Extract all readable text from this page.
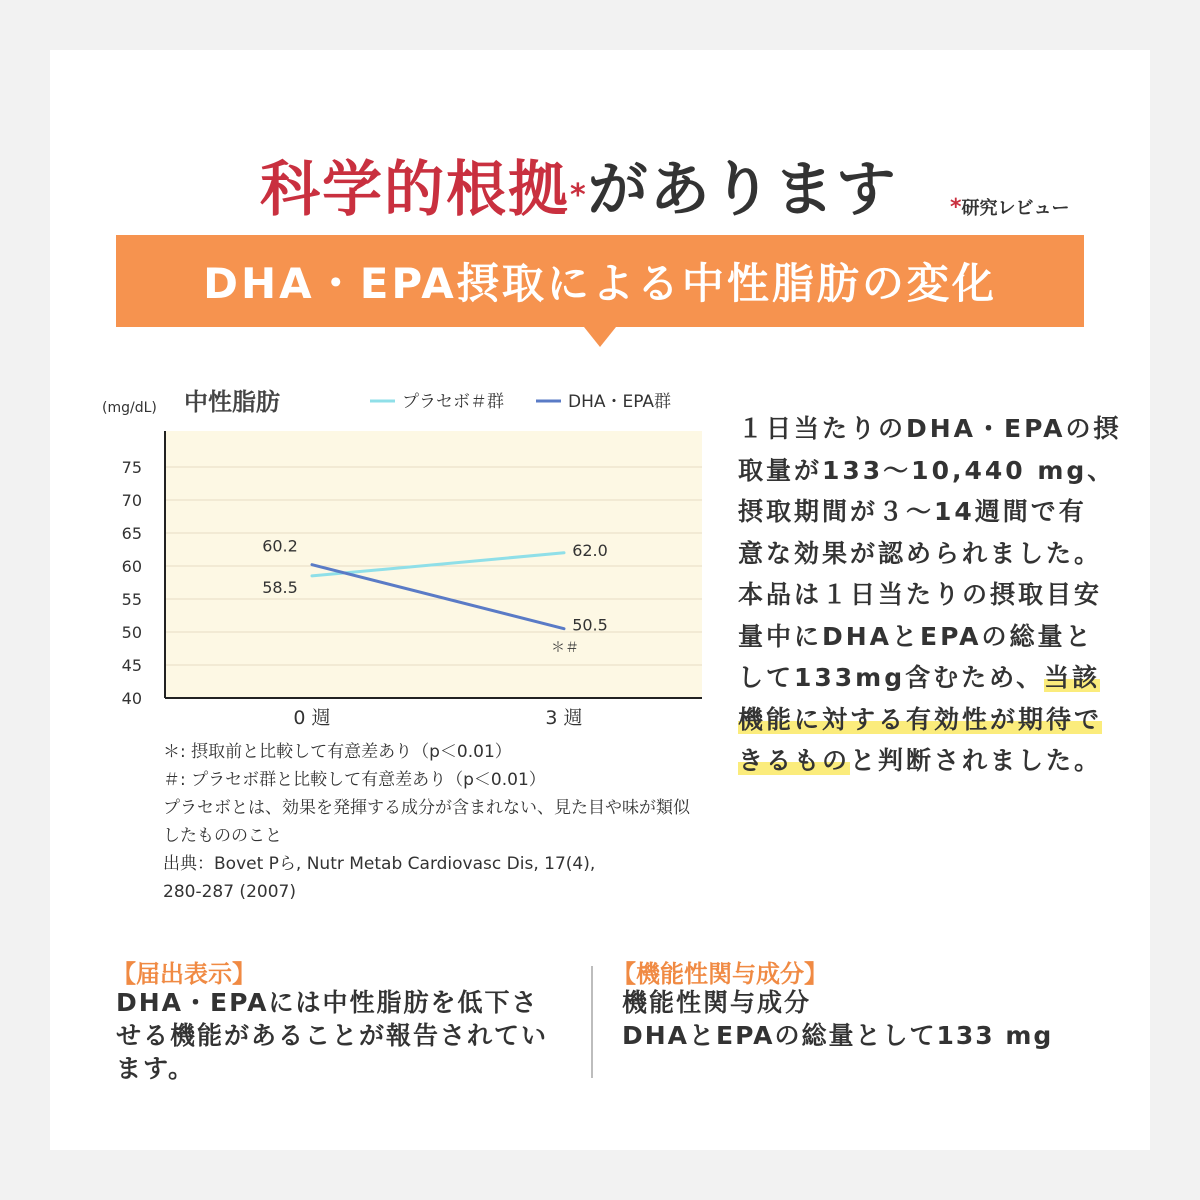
科学的根拠*があります *研究レビュー
DHA・EPA摂取による中性脂肪の変化
40
45
50
55
60
65
70
75
0 週	3 週
(mg/dL) 中性脂肪	プラセボ＃群	DHA・EPA群
58.5
62.0
60.2
50.5
＊＃
＊: 摂取前と比較して有意差あり（p＜0.01）
＃: プラセボ群と比較して有意差あり（p＜0.01）
プラセボとは、効果を発揮する成分が含まれない、見た目や味が類似
したもののこと
出典：Bovet Pら, Nutr Metab Cardiovasc Dis, 17(4),
280-287 (2007)
１日当たりのDHA・EPAの摂
取量が133～10,440 mg、
摂取期間が３～14週間で有
意な効果が認められました。
本品は１日当たりの摂取目安
量中にDHAとEPAの総量と
して133mg含むため、当該
機能に対する有効性が期待で
きるものと判断されました。
【届出表示】
DHA・EPAには中性脂肪を低下さ
せる機能があることが報告されてい
ます。
【機能性関与成分】
機能性関与成分
DHAとEPAの総量として133 mg
